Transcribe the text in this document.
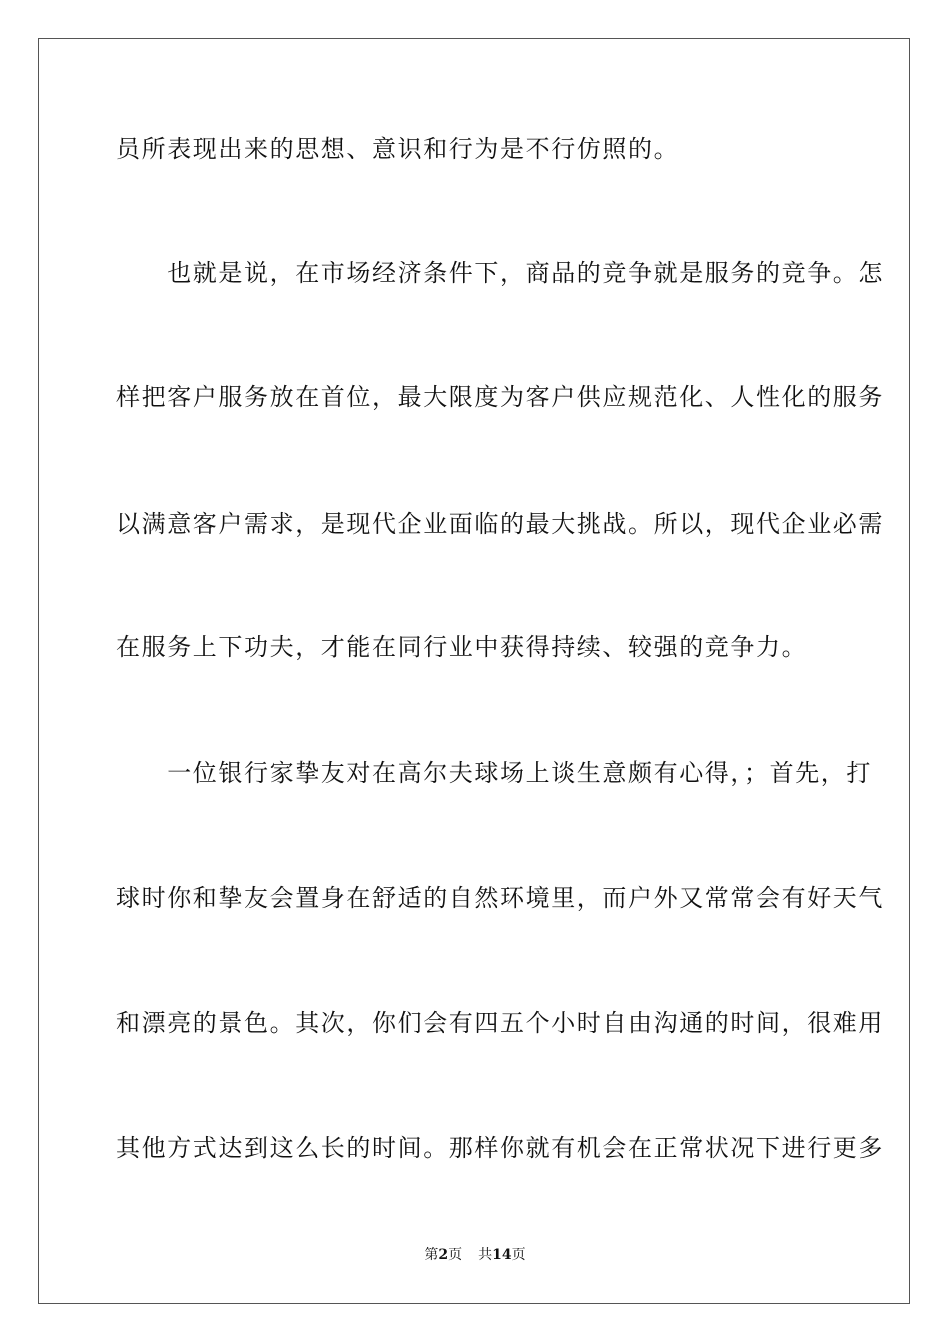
员所表现出来的思想、意识和行为是不行仿照的。
　　也就是说，在市场经济条件下，商品的竞争就是服务的竞争。怎
样把客户服务放在首位，最大限度为客户供应规范化、人性化的服务
以满意客户需求，是现代企业面临的最大挑战。所以，现代企业必需
在服务上下功夫，才能在同行业中获得持续、较强的竞争力。
　　一位银行家挚友对在高尔夫球场上谈生意颇有心得，；首先，打
球时你和挚友会置身在舒适的自然环境里，而户外又常常会有好天气
和漂亮的景色。其次，你们会有四五个小时自由沟通的时间，很难用
其他方式达到这么长的时间。那样你就有机会在正常状况下进行更多
第2页 共14页
